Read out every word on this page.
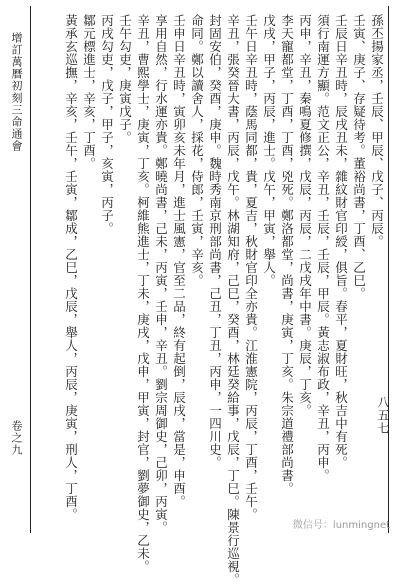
孫丕揚家丞，壬辰、甲辰、戊子、丙辰。
壬寅、庚子、存疑待考。董裕尚書，丁酉、乙巳。
壬辰日辛丑時，辰戌丑未，雜紋財官印綬，俱旨。春平，夏財旺，秋吉中有死。
須行南運方顯。范文正公，辛丑，壬辰，壬辰，甲辰。黃志淑布政，辛丑，丙申。
丙申，辛丑，秦鳴夏修撰，戊辰，丙辰，二戊戌年中書。庚辰，丁亥。
李天寵都堂，丁酉，丁酉，兇死。鄭洛都堂，尚書，庚寅，丁亥。朱宗道禮部尚書。
戊戌，甲子，丙辰，進士。戊午，甲寅，舉人。
壬午日辛丑時，蔭馬同都，貴，夏吉，秋財官印全亦貴。江淮憲院，丙辰，丁酉，壬午。
辛丑，張癸晉大書，丙辰，戊午。林湖知府，己巳，癸酉，林廷癸給事，戊辰，丁巳。陳景行巡視。
封固安伯，癸酉，庚申。魏時秀南京刑部尚書，己丑，丁丑，丙申，一四川史。
命同。鄭以讀舍人，採花，侍郎，壬寅，辛亥。
壬申日辛丑時，寅卯亥未年月，進士風憲，官至二品，終有起倒，辰戌，當是，申酉。
享用自然，行水運亦貴。鄭曉尚書，己未，丙寅，壬申，辛丑。劉宗周御史，己卯，丙寅。
辛丑，曹熙學士，庚寅，丁亥。柯維熊進士，丁未，庚戌，戊申，甲寅，封官，劉夢御史，乙未。
壬午勾吏，庚寅戊子。
丙戌勾吏，戊子，甲子，亥寅，丙子。
鄒元標進士，辛亥，丁酉。
黃承玄巡撫，辛亥，壬午，壬寅，鄒成，乙巳，戊辰，舉人，丙辰，庚寅，刑人，丁酉。
增訂萬曆初刻三命通會
卷之九
八五七
微信号：lunmingnet
